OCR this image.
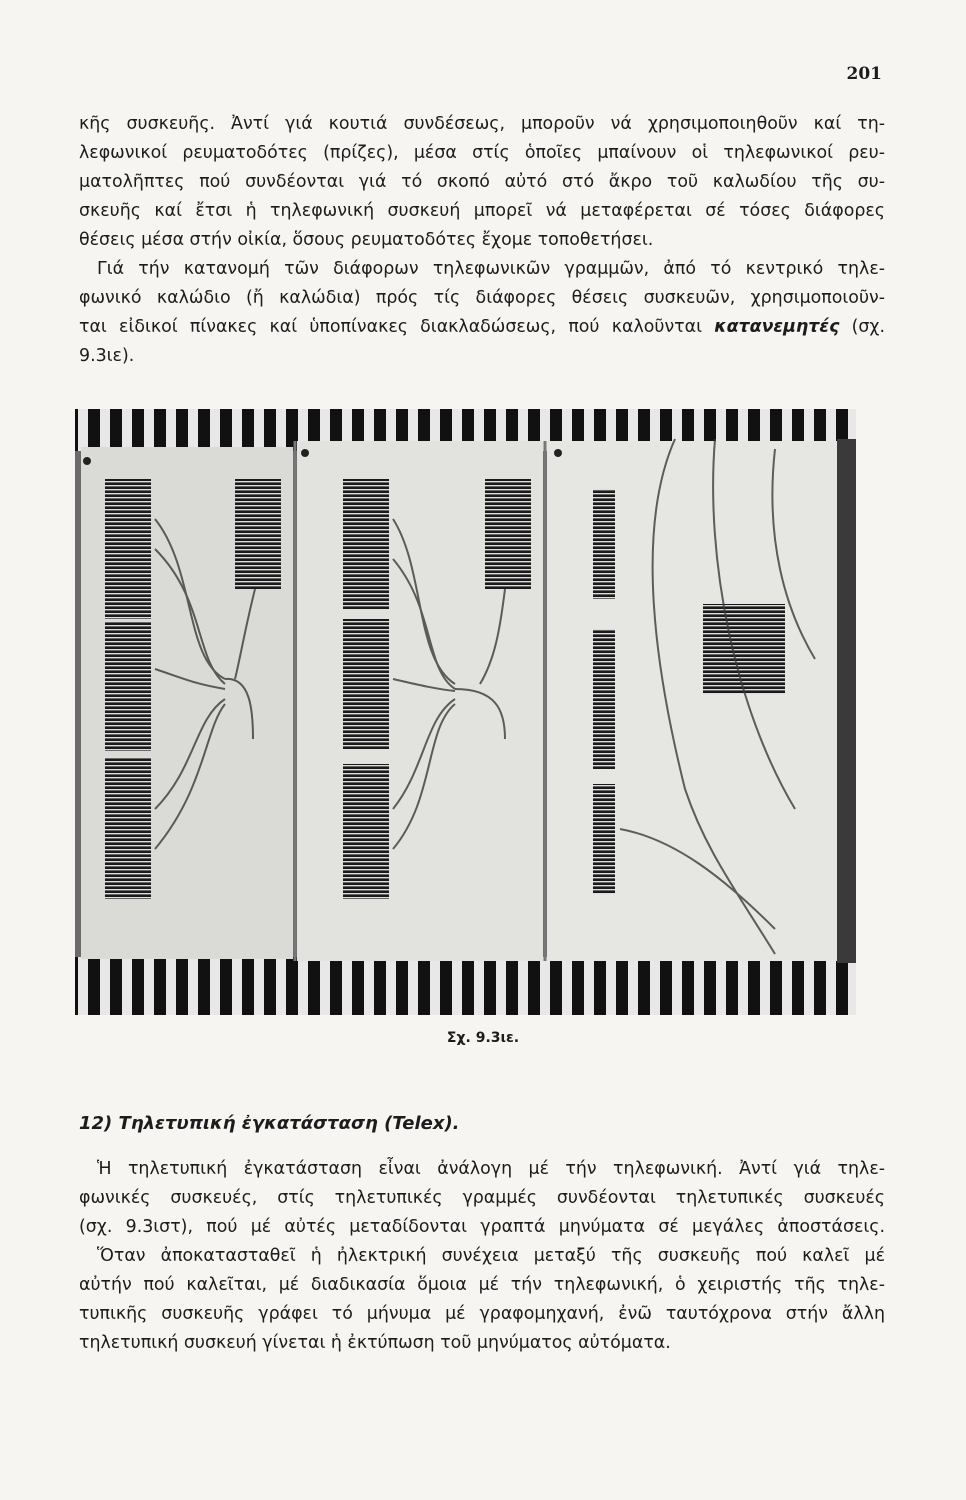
201
κῆς συσκευῆς. Ἀντί γιά κουτιά συνδέσεως, μποροῦν νά χρησιμοποιηθοῦν καί τη-
λεφωνικοί ρευματοδότες (πρίζες), μέσα στίς ὁποῖες μπαίνουν οἱ τηλεφωνικοί ρευ-
ματολῆπτες πού συνδέονται γιά τό σκοπό αὐτό στό ἄκρο τοῦ καλωδίου τῆς συ-
σκευῆς καί ἔτσι ἡ τηλεφωνική συσκευή μπορεῖ νά μεταφέρεται σέ τόσες διάφορες
θέσεις μέσα στήν οἰκία, ὅσους ρευματοδότες ἔχομε τοποθετήσει.
Γιά τήν κατανομή τῶν διάφορων τηλεφωνικῶν γραμμῶν, ἀπό τό κεντρικό τηλε-
φωνικό καλώδιο (ἤ καλώδια) πρός τίς διάφορες θέσεις συσκευῶν, χρησιμοποιοῦν-
ται εἰδικοί πίνακες καί ὑποπίνακες διακλαδώσεως, πού καλοῦνται κατανεμητές (σχ.
9.3ιε).
Σχ. 9.3ιε.
12) Τηλετυπική ἐγκατάσταση (Telex).
Ἡ τηλετυπική ἐγκατάσταση εἶναι ἀνάλογη μέ τήν τηλεφωνική. Ἀντί γιά τηλε-
φωνικές συσκευές, στίς τηλετυπικές γραμμές συνδέονται τηλετυπικές συσκευές
(σχ. 9.3ιστ), πού μέ αὐτές μεταδίδονται γραπτά μηνύματα σέ μεγάλες ἀποστάσεις.
Ὅταν ἀποκατασταθεῖ ἡ ἠλεκτρική συνέχεια μεταξύ τῆς συσκευῆς πού καλεῖ μέ
αὐτήν πού καλεῖται, μέ διαδικασία ὅμοια μέ τήν τηλεφωνική, ὁ χειριστής τῆς τηλε-
τυπικῆς συσκευῆς γράφει τό μήνυμα μέ γραφομηχανή, ἐνῶ ταυτόχρονα στήν ἄλλη
τηλετυπική συσκευή γίνεται ἡ ἐκτύπωση τοῦ μηνύματος αὐτόματα.
